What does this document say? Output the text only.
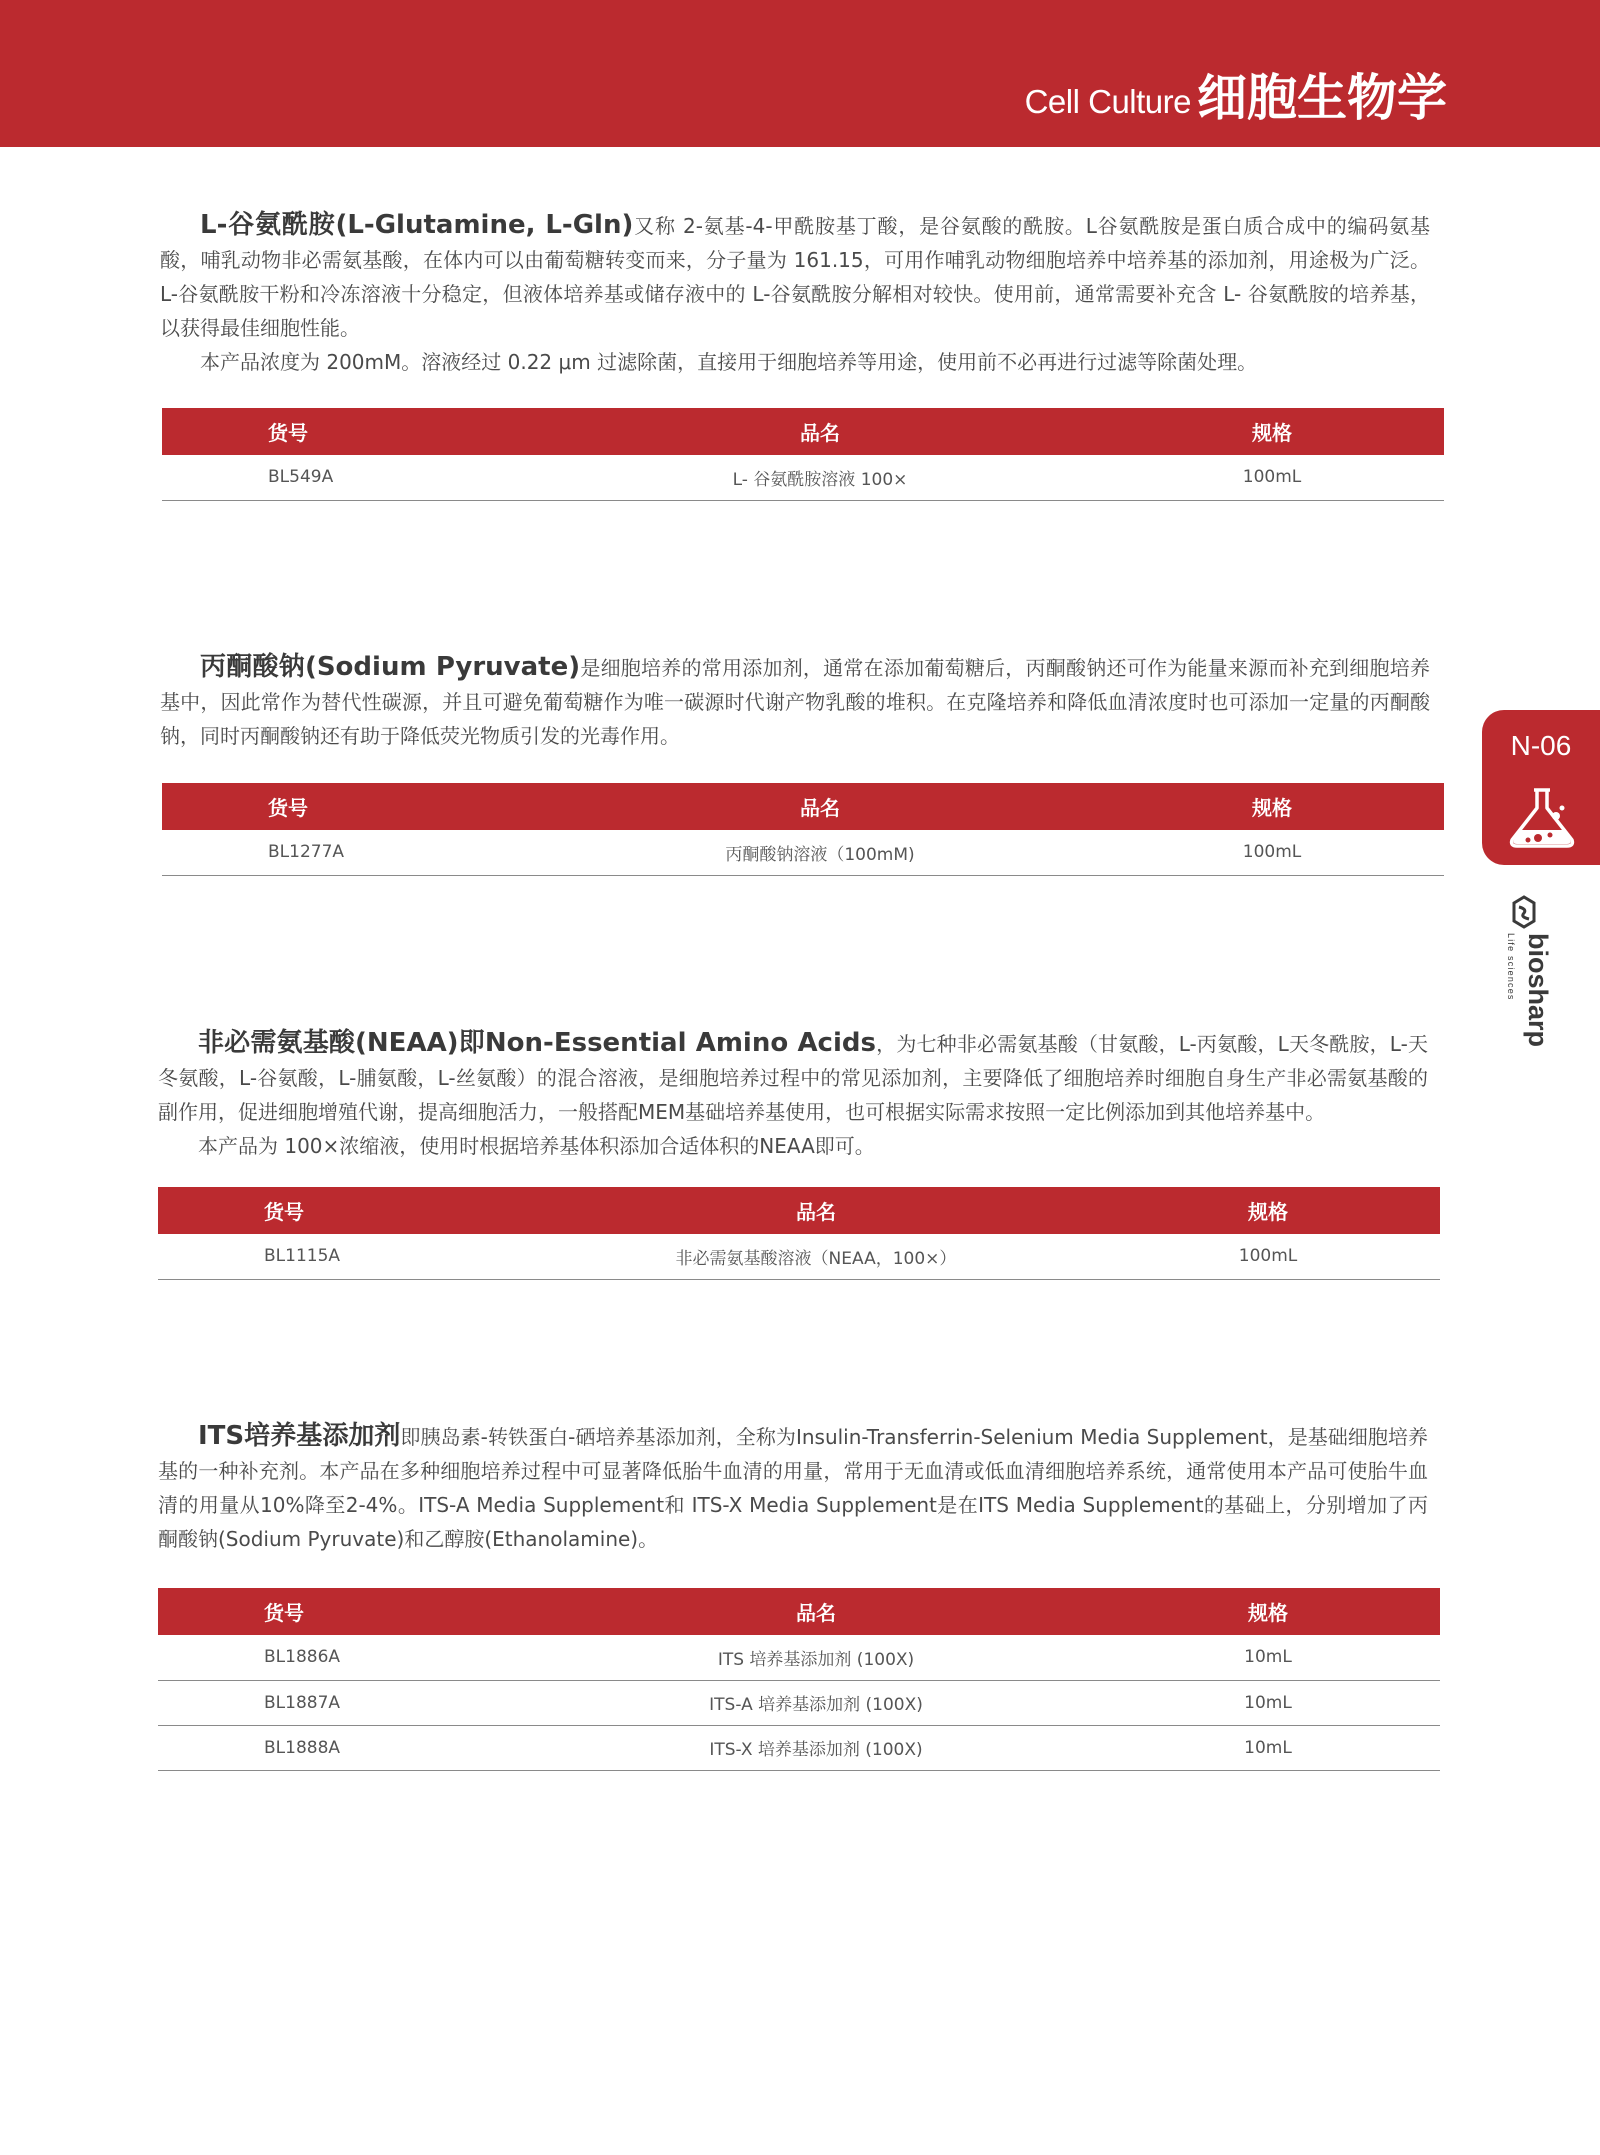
Cell Culture 细胞生物学

L-谷氨酰胺(L-Glutamine, L-Gln)又称 2-氨基-4-甲酰胺基丁酸，是谷氨酸的酰胺。L谷氨酰胺是蛋白质合成中的编码氨基酸，哺乳动物非必需氨基酸，在体内可以由葡萄糖转变而来，分子量为 161.15，可用作哺乳动物细胞培养中培养基的添加剂，用途极为广泛。L-谷氨酰胺干粉和冷冻溶液十分稳定，但液体培养基或储存液中的 L-谷氨酰胺分解相对较快。使用前，通常需要补充含 L- 谷氨酰胺的培养基，以获得最佳细胞性能。

本产品浓度为 200mM。溶液经过 0.22 μm 过滤除菌，直接用于细胞培养等用途，使用前不必再进行过滤等除菌处理。

货号	品名	规格
BL549A	L- 谷氨酰胺溶液 100×	100mL

丙酮酸钠(Sodium Pyruvate)是细胞培养的常用添加剂，通常在添加葡萄糖后，丙酮酸钠还可作为能量来源而补充到细胞培养基中，因此常作为替代性碳源，并且可避免葡萄糖作为唯一碳源时代谢产物乳酸的堆积。在克隆培养和降低血清浓度时也可添加一定量的丙酮酸钠，同时丙酮酸钠还有助于降低荧光物质引发的光毒作用。

货号	品名	规格
BL1277A	丙酮酸钠溶液（100mM)	100mL

非必需氨基酸(NEAA)即Non-Essential Amino Acids，为七种非必需氨基酸（甘氨酸，L-丙氨酸，L天冬酰胺，L-天冬氨酸，L-谷氨酸，L-脯氨酸，L-丝氨酸）的混合溶液，是细胞培养过程中的常见添加剂，主要降低了细胞培养时细胞自身生产非必需氨基酸的副作用，促进细胞增殖代谢，提高细胞活力，一般搭配MEM基础培养基使用，也可根据实际需求按照一定比例添加到其他培养基中。

本产品为 100×浓缩液，使用时根据培养基体积添加合适体积的NEAA即可。

货号	品名	规格
BL1115A	非必需氨基酸溶液（NEAA，100×）	100mL

ITS培养基添加剂即胰岛素-转铁蛋白-硒培养基添加剂，全称为Insulin-Transferrin-Selenium Media Supplement，是基础细胞培养基的一种补充剂。本产品在多种细胞培养过程中可显著降低胎牛血清的用量，常用于无血清或低血清细胞培养系统，通常使用本产品可使胎牛血清的用量从10%降至2-4%。ITS-A Media Supplement和 ITS-X Media Supplement是在ITS Media Supplement的基础上，分别增加了丙酮酸钠(Sodium Pyruvate)和乙醇胺(Ethanolamine)。

货号	品名	规格
BL1886A	ITS 培养基添加剂 (100X)	10mL
BL1887A	ITS-A 培养基添加剂 (100X)	10mL
BL1888A	ITS-X 培养基添加剂 (100X)	10mL
N-06
biosharp
Life sciences
